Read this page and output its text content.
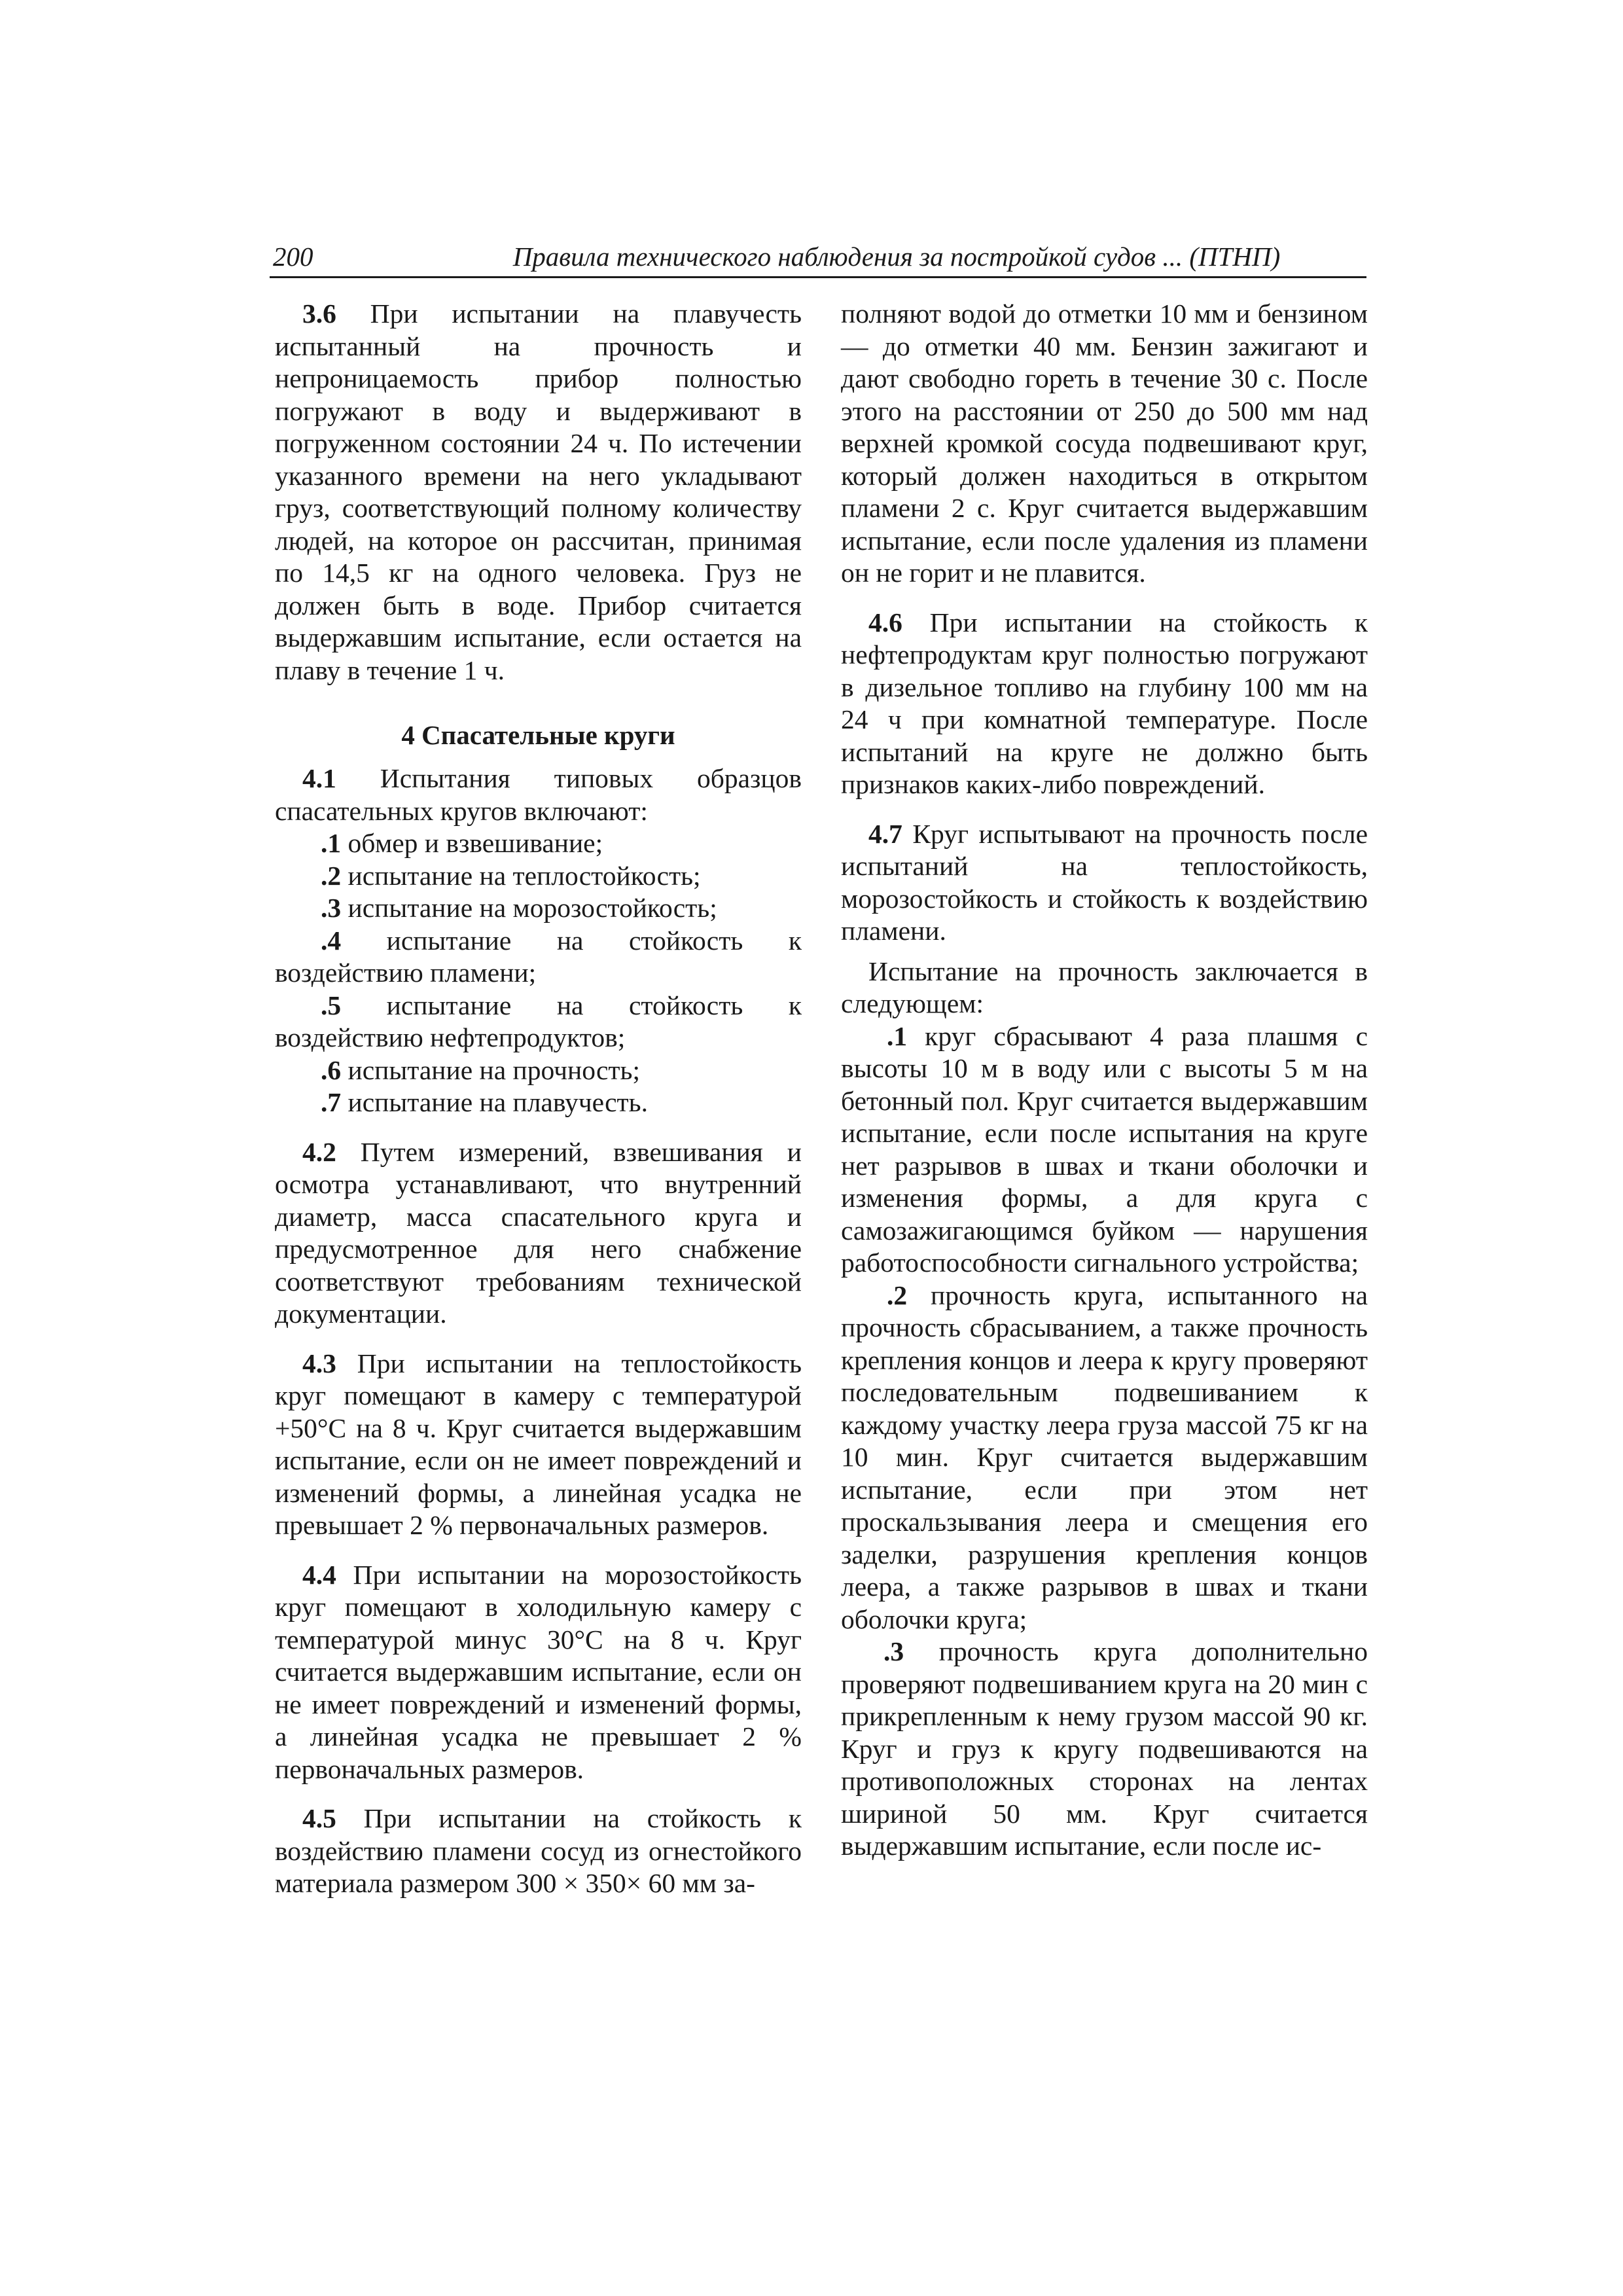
200	Правила технического наблюдения за постройкой судов ... (ПТНП)

3.6 При испытании на плавучесть испытанный на прочность и непроницаемость прибор полностью погружают в воду и выдерживают в погруженном состоянии 24 ч. По истечении указанного времени на него укладывают груз, соответствующий полному количеству людей, на которое он рассчитан, принимая по 14,5 кг на одного человека. Груз не должен быть в воде. Прибор считается выдержавшим испытание, если остается на плаву в течение 1 ч.

4 Спасательные круги

4.1 Испытания типовых образцов спасательных кругов включают:

.1 обмер и взвешивание;

.2 испытание на теплостойкость;

.3 испытание на морозостойкость;

.4 испытание на стойкость к воздействию пламени;

.5 испытание на стойкость к воздействию нефтепродуктов;

.6 испытание на прочность;

.7 испытание на плавучесть.

4.2 Путем измерений, взвешивания и осмотра устанавливают, что внутренний диаметр, масса спасательного круга и предусмотренное для него снабжение соответствуют требованиям технической документации.

4.3 При испытании на теплостойкость круг помещают в камеру с температурой +50°С на 8 ч. Круг считается выдержавшим испытание, если он не имеет повреждений и изменений формы, а линейная усадка не превышает 2 % первоначальных размеров.

4.4 При испытании на морозостойкость круг помещают в холодильную камеру с температурой минус 30°С на 8 ч. Круг считается выдержавшим испытание, если он не имеет повреждений и изменений формы, а линейная усадка не превышает 2 % первоначальных размеров.

4.5 При испытании на стойкость к воздействию пламени сосуд из огнестойкого материала размером 300 × 350× 60 мм за-

полняют водой до отметки 10 мм и бензином — до отметки 40 мм. Бензин зажигают и дают свободно гореть в течение 30 с. После этого на расстоянии от 250 до 500 мм над верхней кромкой сосуда подвешивают круг, который должен находиться в открытом пламени 2 с. Круг считается выдержавшим испытание, если после удаления из пламени он не горит и не плавится.

4.6 При испытании на стойкость к нефтепродуктам круг полностью погружают в дизельное топливо на глубину 100 мм на 24 ч при комнатной температуре. После испытаний на круге не должно быть признаков каких-либо повреждений.

4.7 Круг испытывают на прочность после испытаний на теплостойкость, морозостойкость и стойкость к воздействию пламени.

Испытание на прочность заключается в следующем:

.1 круг сбрасывают 4 раза плашмя с высоты 10 м в воду или с высоты 5 м на бетонный пол. Круг считается выдержавшим испытание, если после испытания на круге нет разрывов в швах и ткани оболочки и изменения формы, а для круга с самозажигающимся буйком — нарушения работоспособности сигнального устройства;

.2 прочность круга, испытанного на прочность сбрасыванием, а также прочность крепления концов и леера к кругу проверяют последовательным подвешиванием к каждому участку леера груза массой 75 кг на 10 мин. Круг считается выдержавшим испытание, если при этом нет проскальзывания леера и смещения его заделки, разрушения крепления концов леера, а также разрывов в швах и ткани оболочки круга;

.3 прочность круга дополнительно проверяют подвешиванием круга на 20 мин с прикрепленным к нему грузом массой 90 кг. Круг и груз к кругу подвешиваются на противоположных сторонах на лентах шириной 50 мм. Круг считается выдержавшим испытание, если после ис-
